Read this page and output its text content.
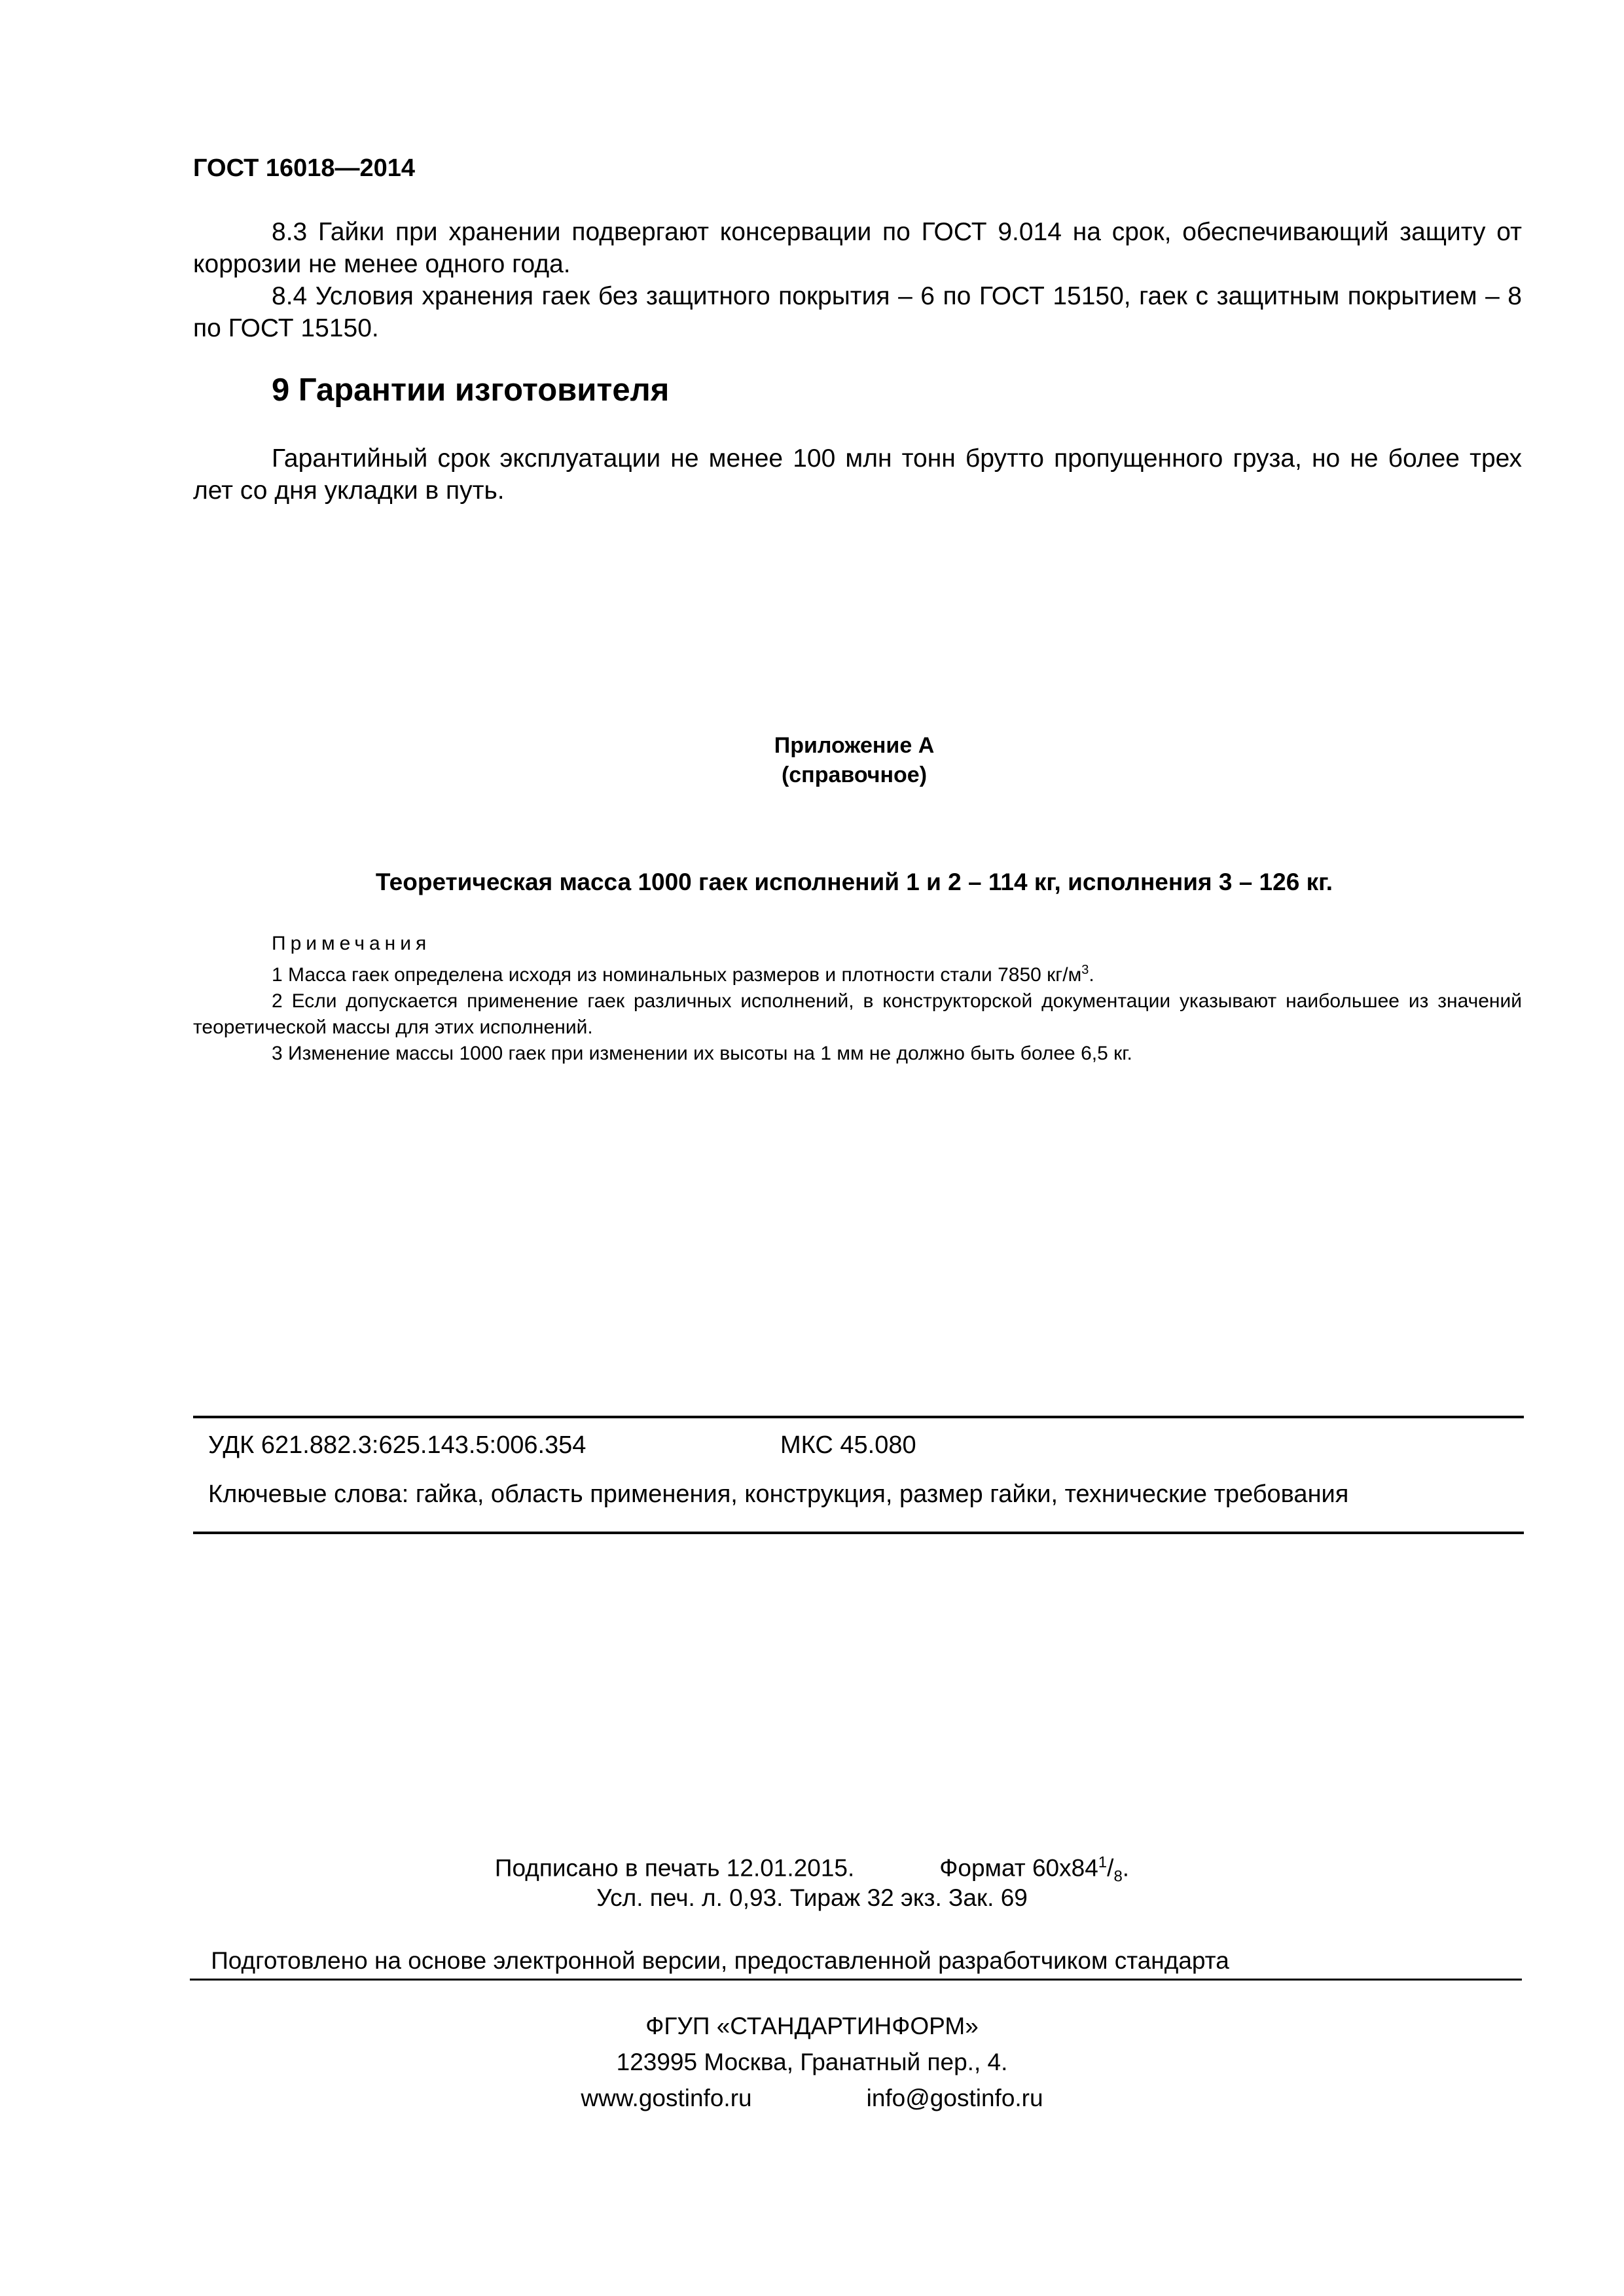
ГОСТ 16018—2014

8.3 Гайки при хранении подвергают консервации по ГОСТ 9.014 на срок, обеспечивающий защиту от коррозии не менее одного года.

8.4 Условия хранения гаек без защитного покрытия – 6 по ГОСТ 15150, гаек с защитным покрытием – 8 по ГОСТ 15150.

9 Гарантии изготовителя

Гарантийный срок эксплуатации не менее 100 млн тонн брутто пропущенного груза, но не более трех лет со дня укладки в путь.

Приложение А
(справочное)
Теоретическая масса 1000 гаек исполнений 1 и 2 – 114 кг, исполнения 3 – 126 кг.

Примечания

1 Масса гаек определена исходя из номинальных размеров и плотности стали 7850 $кг/м^3$.

2 Если допускается применение гаек различных исполнений, в конструкторской документации указывают наибольшее из значений теоретической массы для этих исполнений.

3 Изменение массы 1000 гаек при изменении их высоты на 1 мм не должно быть более 6,5 кг.

УДК 621.882.3:625.143.5:006.354	МКС 45.080
Ключевые слова: гайка, область применения, конструкция, размер гайки, технические требования
Подписано в печать 12.01.2015.	Формат $60х84^1/_8$.
Усл. печ. л. 0,93. Тираж 32 экз. Зак. 69
Подготовлено на основе электронной версии, предоставленной разработчиком стандарта
ФГУП «СТАНДАРТИНФОРМ»
123995 Москва, Гранатный пер., 4.
www.gostinfo.ru	info@gostinfo.ru
